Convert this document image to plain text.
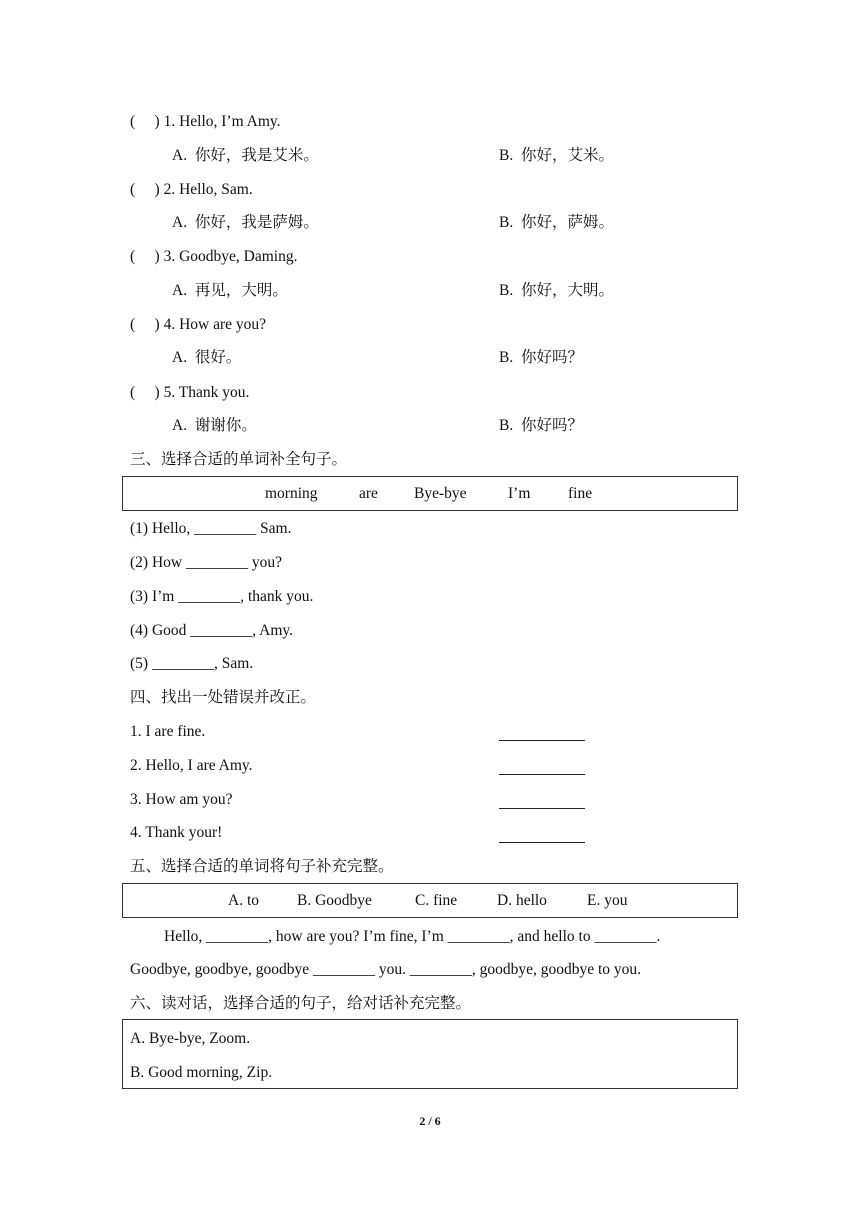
(     ) 1. Hello, I’m Amy.
A.  你好，我是艾米。	B.  你好，艾米。
(     ) 2. Hello, Sam.
A.  你好，我是萨姆。	B.  你好，萨姆。
(     ) 3. Goodbye, Daming.
A.  再见，大明。	B.  你好，大明。
(     ) 4. How are you?
A.  很好。	B.  你好吗？
(     ) 5. Thank you.
A.  谢谢你。	B.  你好吗？
三、选择合适的单词补全句子。
morning	are Bye-bye	I’m fine
(1) Hello, ________ Sam.
(2) How ________ you?
(3) I’m ________, thank you.
(4) Good ________, Amy.
(5) ________, Sam.
四、找出一处错误并改正。
1. I are fine.
2. Hello, I are Amy.
3. How am you?
4. Thank your!
五、选择合适的单词将句子补充完整。
A. to B. Goodbye	C. fine	D. hello	E. you
Hello, ________, how are you? I’m fine, I’m ________, and hello to ________.
Goodbye, goodbye, goodbye ________ you. ________, goodbye, goodbye to you.
六、读对话，选择合适的句子，给对话补充完整。
A. Bye-bye, Zoom.
B. Good morning, Zip.
2 / 6
